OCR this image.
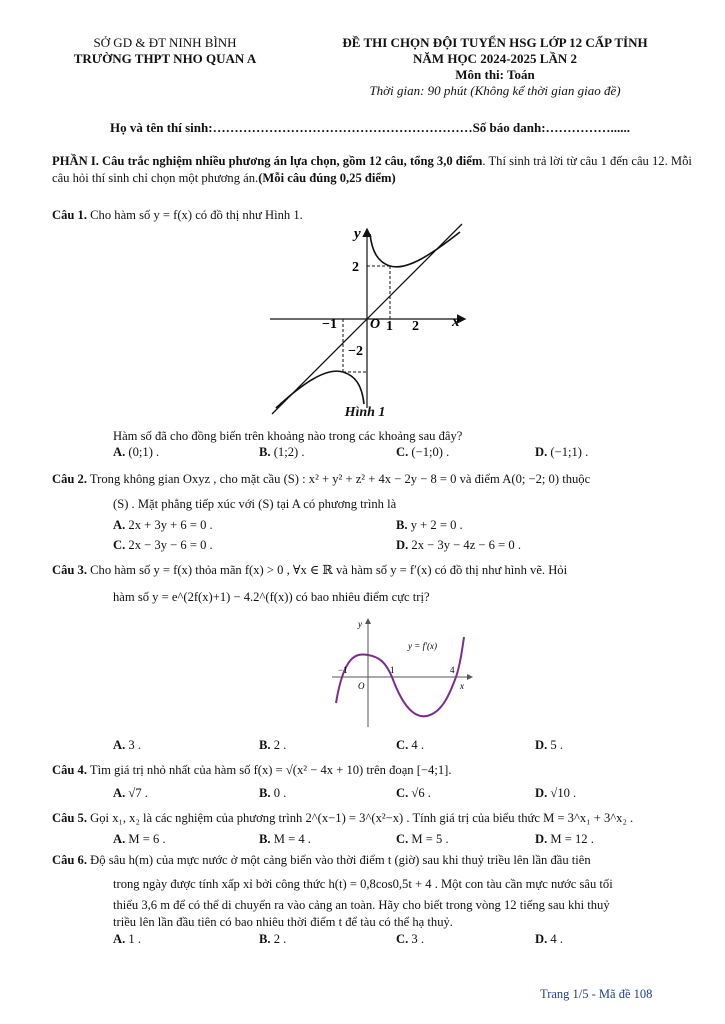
SỞ GD & ĐT NINH BÌNH
TRƯỜNG THPT NHO QUAN A
ĐỀ THI CHỌN ĐỘI TUYỂN HSG LỚP 12 CẤP TỈNH
NĂM HỌC 2024-2025 LẦN 2
Môn thi: Toán
Thời gian: 90 phút (Không kể thời gian giao đề)
Họ và tên thí sinh:……………………………………………………Số báo danh:……………......
PHẦN I. Câu trắc nghiệm nhiều phương án lựa chọn, gồm 12 câu, tổng 3,0 điểm. Thí sinh trả lời từ câu 1 đến câu 12. Mỗi câu hỏi thí sinh chỉ chọn một phương án.(Mỗi câu đúng 0,25 điểm)
Câu 1. Cho hàm số y = f(x) có đồ thị như Hình 1.
y
x
O
−1	1 2
2
−2
Hình 1
Hàm số đã cho đồng biến trên khoảng nào trong các khoảng sau đây?
A. (0;1) .	B. (1;2) .	C. (−1;0) .	D. (−1;1) .
Câu 2. Trong không gian Oxyz , cho mặt cầu (S) : x² + y² + z² + 4x − 2y − 8 = 0 và điểm A(0; −2; 0) thuộc
(S) . Mặt phẳng tiếp xúc với (S) tại A có phương trình là
A. 2x + 3y + 6 = 0 .	B. y + 2 = 0 .
C. 2x − 3y − 6 = 0 .	D. 2x − 3y − 4z − 6 = 0 .
Câu 3. Cho hàm số y = f(x) thỏa mãn f(x) > 0 , ∀x ∈ ℝ và hàm số y = f′(x) có đồ thị như hình vẽ. Hỏi
hàm số y = e^(2f(x)+1) − 4.2^(f(x)) có bao nhiêu điểm cực trị?
y
x
O
−1	1	4
y = f′(x)
A. 3 .	B. 2 .	C. 4 .	D. 5 .
Câu 4. Tìm giá trị nhỏ nhất của hàm số f(x) = √(x² − 4x + 10) trên đoạn [−4;1].
A. √7 .	B. 0 .	C. √6 .	D. √10 .
Câu 5. Gọi x₁, x₂ là các nghiệm của phương trình 2^(x−1) = 3^(x²−x) . Tính giá trị của biểu thức M = 3^x₁ + 3^x₂ .
A. M = 6 .	B. M = 4 .	C. M = 5 .	D. M = 12 .
Câu 6. Độ sâu h(m) của mực nước ở một cảng biển vào thời điểm t (giờ) sau khi thuỷ triều lên lần đầu tiên
trong ngày được tính xấp xỉ bởi công thức h(t) = 0,8cos0,5t + 4 . Một con tàu cần mực nước sâu tối
thiểu 3,6 m để có thể di chuyển ra vào cảng an toàn. Hãy cho biết trong vòng 12 tiếng sau khi thuỷ
triều lên lần đầu tiên có bao nhiêu thời điểm t để tàu có thể hạ thuỷ.
A. 1 .	B. 2 .	C. 3 .	D. 4 .
Trang 1/5 - Mã đề 108
